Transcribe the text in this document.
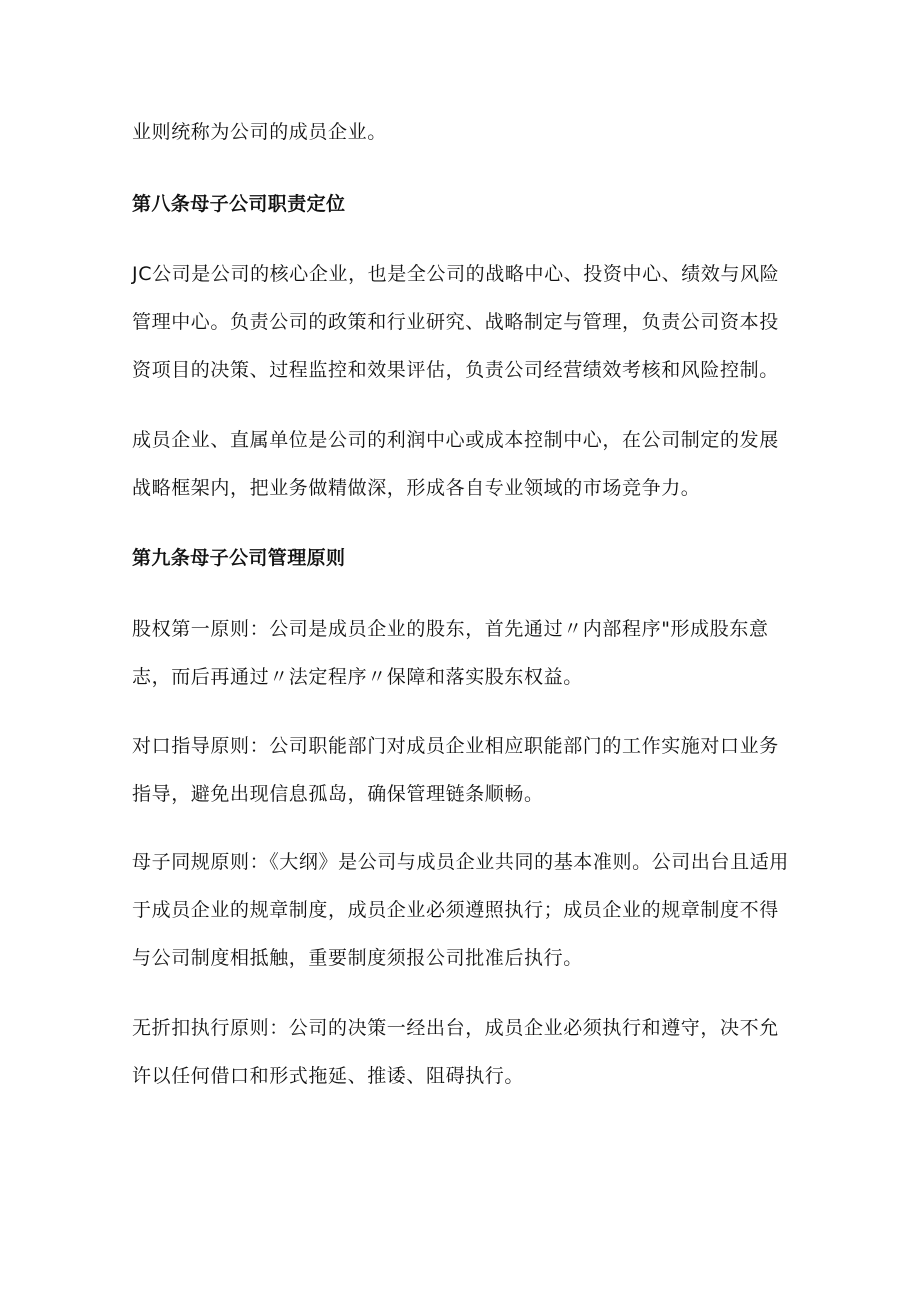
业则统称为公司的成员企业。

第八条母子公司职责定位

JC公司是公司的核心企业，也是全公司的战略中心、投资中心、绩效与风险管理中心。负责公司的政策和行业研究、战略制定与管理，负责公司资本投资项目的决策、过程监控和效果评估，负责公司经营绩效考核和风险控制。

成员企业、直属单位是公司的利润中心或成本控制中心，在公司制定的发展战略框架内，把业务做精做深，形成各自专业领域的市场竞争力。

第九条母子公司管理原则

股权第一原则：公司是成员企业的股东，首先通过〃内部程序"形成股东意志，而后再通过〃法定程序〃保障和落实股东权益。

对口指导原则：公司职能部门对成员企业相应职能部门的工作实施对口业务指导，避免出现信息孤岛，确保管理链条顺畅。

母子同规原则：《大纲》是公司与成员企业共同的基本准则。公司出台且适用于成员企业的规章制度，成员企业必须遵照执行；成员企业的规章制度不得与公司制度相抵触，重要制度须报公司批准后执行。

无折扣执行原则：公司的决策一经出台，成员企业必须执行和遵守，决不允许以任何借口和形式拖延、推诿、阻碍执行。
